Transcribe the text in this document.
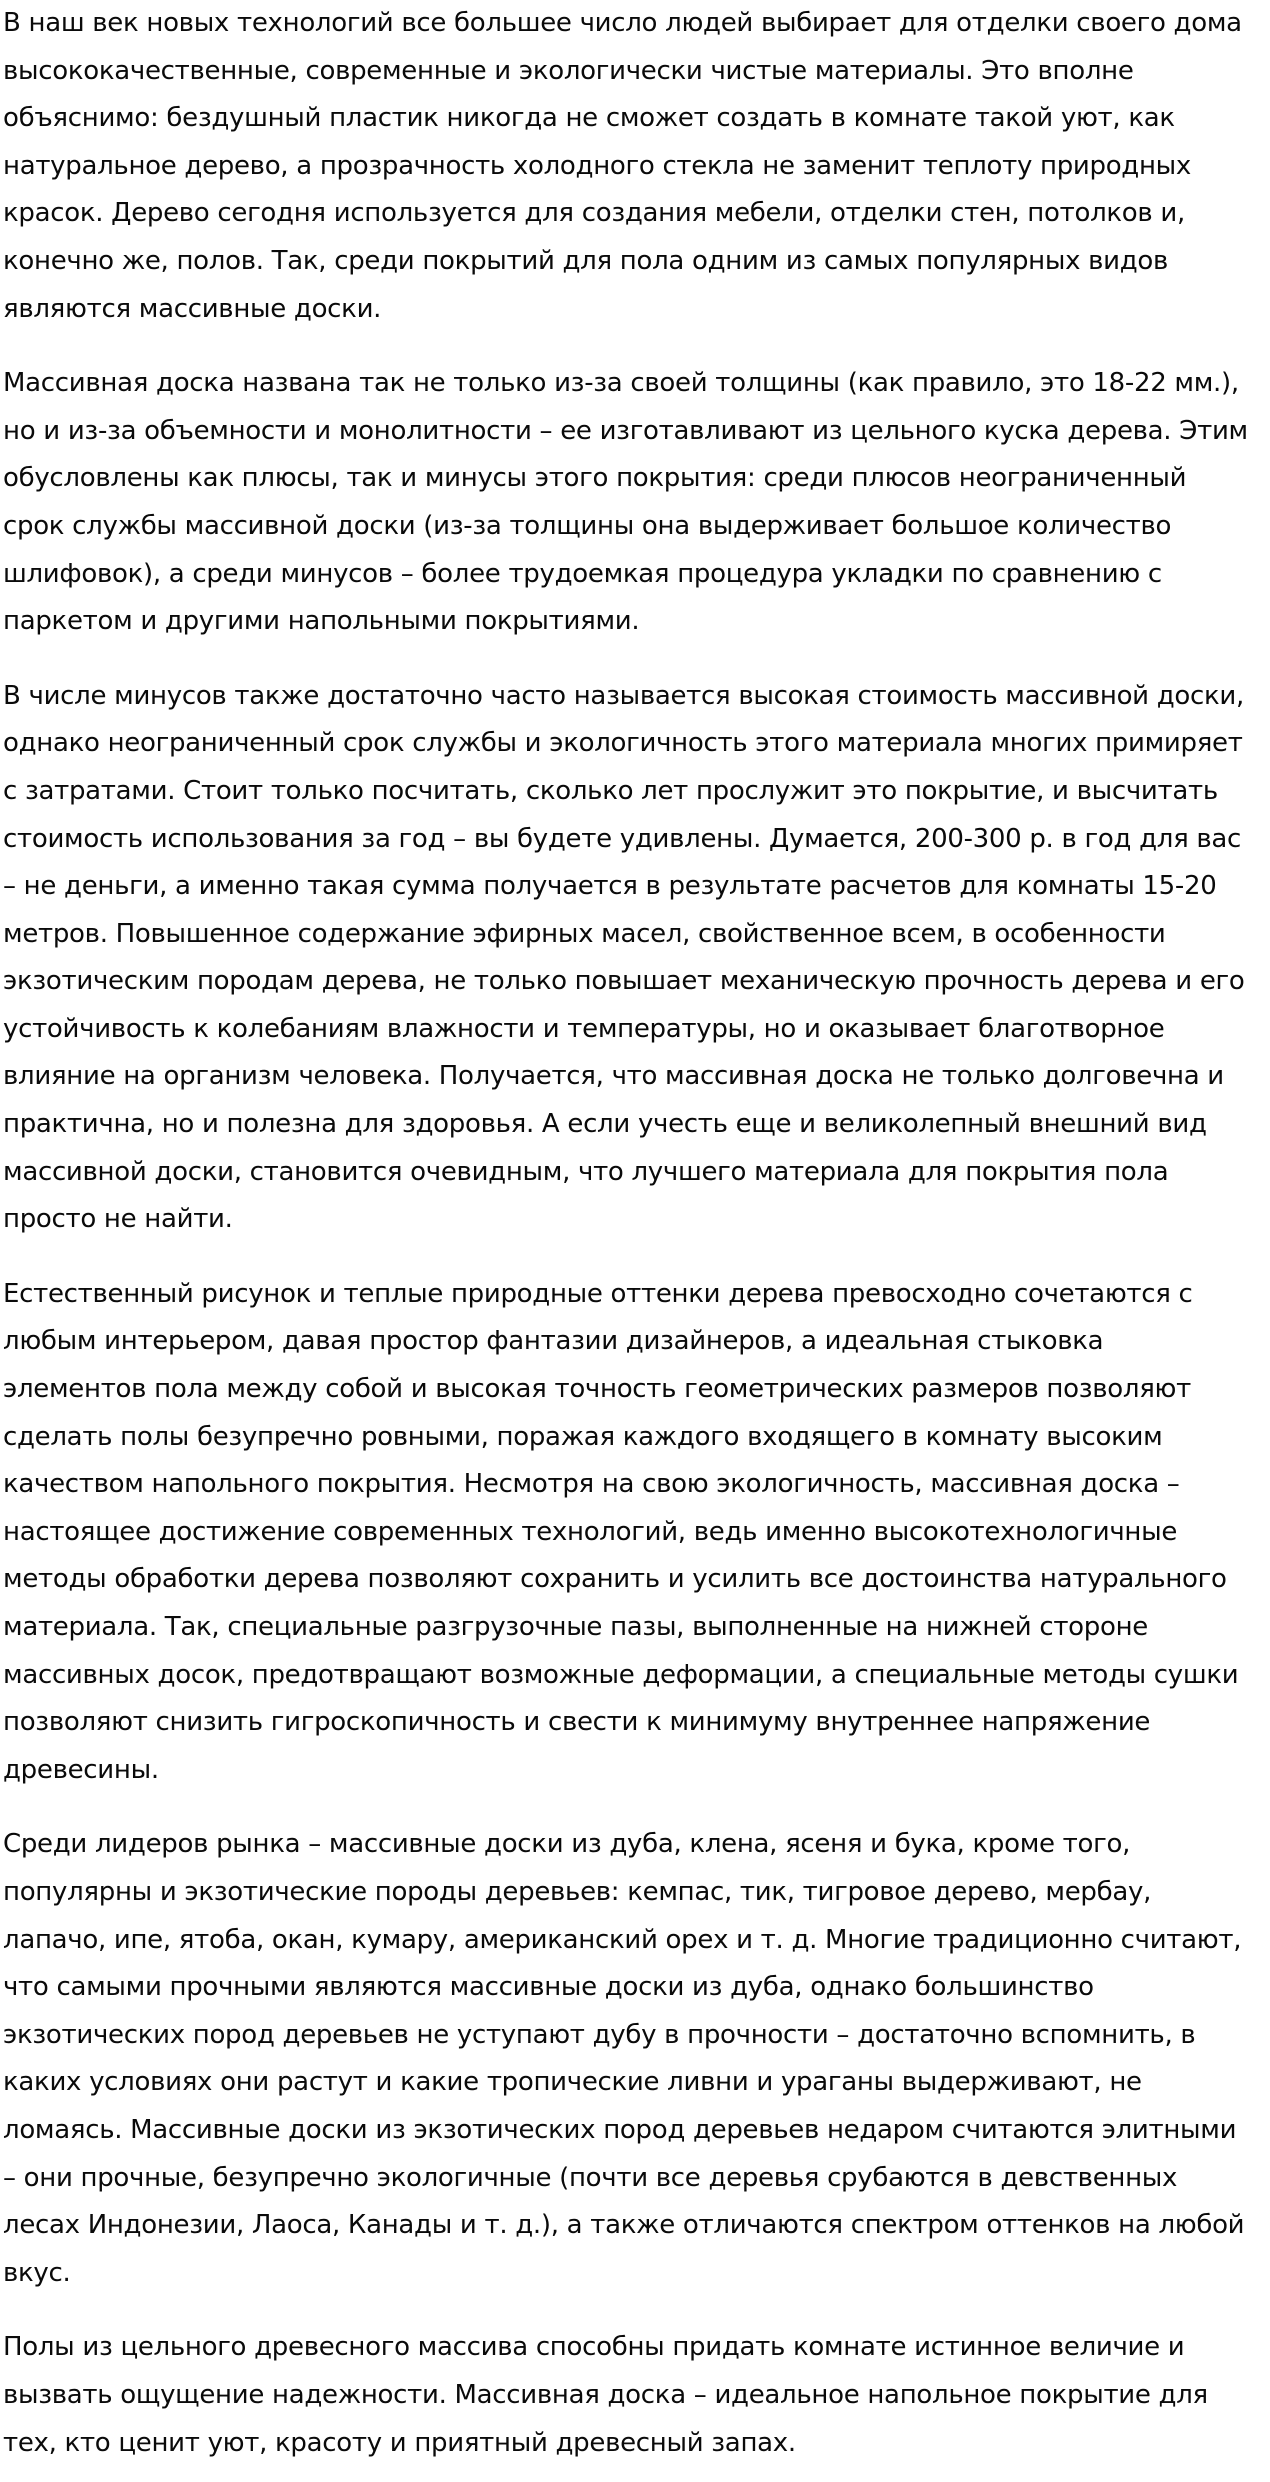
В наш век новых технологий все большее число людей выбирает для отделки своего дома
высококачественные, современные и экологически чистые материалы. Это вполне
объяснимо: бездушный пластик никогда не сможет создать в комнате такой уют, как
натуральное дерево, а прозрачность холодного стекла не заменит теплоту природных
красок. Дерево сегодня используется для создания мебели, отделки стен, потолков и,
конечно же, полов. Так, среди покрытий для пола одним из самых популярных видов
являются массивные доски.

Массивная доска названа так не только из-за своей толщины (как правило, это 18-22 мм.),
но и из-за объемности и монолитности – ее изготавливают из цельного куска дерева. Этим
обусловлены как плюсы, так и минусы этого покрытия: среди плюсов неограниченный
срок службы массивной доски (из-за толщины она выдерживает большое количество
шлифовок), а среди минусов – более трудоемкая процедура укладки по сравнению с
паркетом и другими напольными покрытиями.

В числе минусов также достаточно часто называется высокая стоимость массивной доски,
однако неограниченный срок службы и экологичность этого материала многих примиряет
с затратами. Стоит только посчитать, сколько лет прослужит это покрытие, и высчитать
стоимость использования за год – вы будете удивлены. Думается, 200-300 р. в год для вас
– не деньги, а именно такая сумма получается в результате расчетов для комнаты 15-20
метров. Повышенное содержание эфирных масел, свойственное всем, в особенности
экзотическим породам дерева, не только повышает механическую прочность дерева и его
устойчивость к колебаниям влажности и температуры, но и оказывает благотворное
влияние на организм человека. Получается, что массивная доска не только долговечна и
практична, но и полезна для здоровья. А если учесть еще и великолепный внешний вид
массивной доски, становится очевидным, что лучшего материала для покрытия пола
просто не найти.

Естественный рисунок и теплые природные оттенки дерева превосходно сочетаются с
любым интерьером, давая простор фантазии дизайнеров, а идеальная стыковка
элементов пола между собой и высокая точность геометрических размеров позволяют
сделать полы безупречно ровными, поражая каждого входящего в комнату высоким
качеством напольного покрытия. Несмотря на свою экологичность, массивная доска –
настоящее достижение современных технологий, ведь именно высокотехнологичные
методы обработки дерева позволяют сохранить и усилить все достоинства натурального
материала. Так, специальные разгрузочные пазы, выполненные на нижней стороне
массивных досок, предотвращают возможные деформации, а специальные методы сушки
позволяют снизить гигроскопичность и свести к минимуму внутреннее напряжение
древесины.

Среди лидеров рынка – массивные доски из дуба, клена, ясеня и бука, кроме того,
популярны и экзотические породы деревьев: кемпас, тик, тигровое дерево, мербау,
лапачо, ипе, ятоба, окан, кумару, американский орех и т. д. Многие традиционно считают,
что самыми прочными являются массивные доски из дуба, однако большинство
экзотических пород деревьев не уступают дубу в прочности – достаточно вспомнить, в
каких условиях они растут и какие тропические ливни и ураганы выдерживают, не
ломаясь. Массивные доски из экзотических пород деревьев недаром считаются элитными
– они прочные, безупречно экологичные (почти все деревья срубаются в девственных
лесах Индонезии, Лаоса, Канады и т. д.), а также отличаются спектром оттенков на любой
вкус.

Полы из цельного древесного массива способны придать комнате истинное величие и
вызвать ощущение надежности. Массивная доска – идеальное напольное покрытие для
тех, кто ценит уют, красоту и приятный древесный запах.
